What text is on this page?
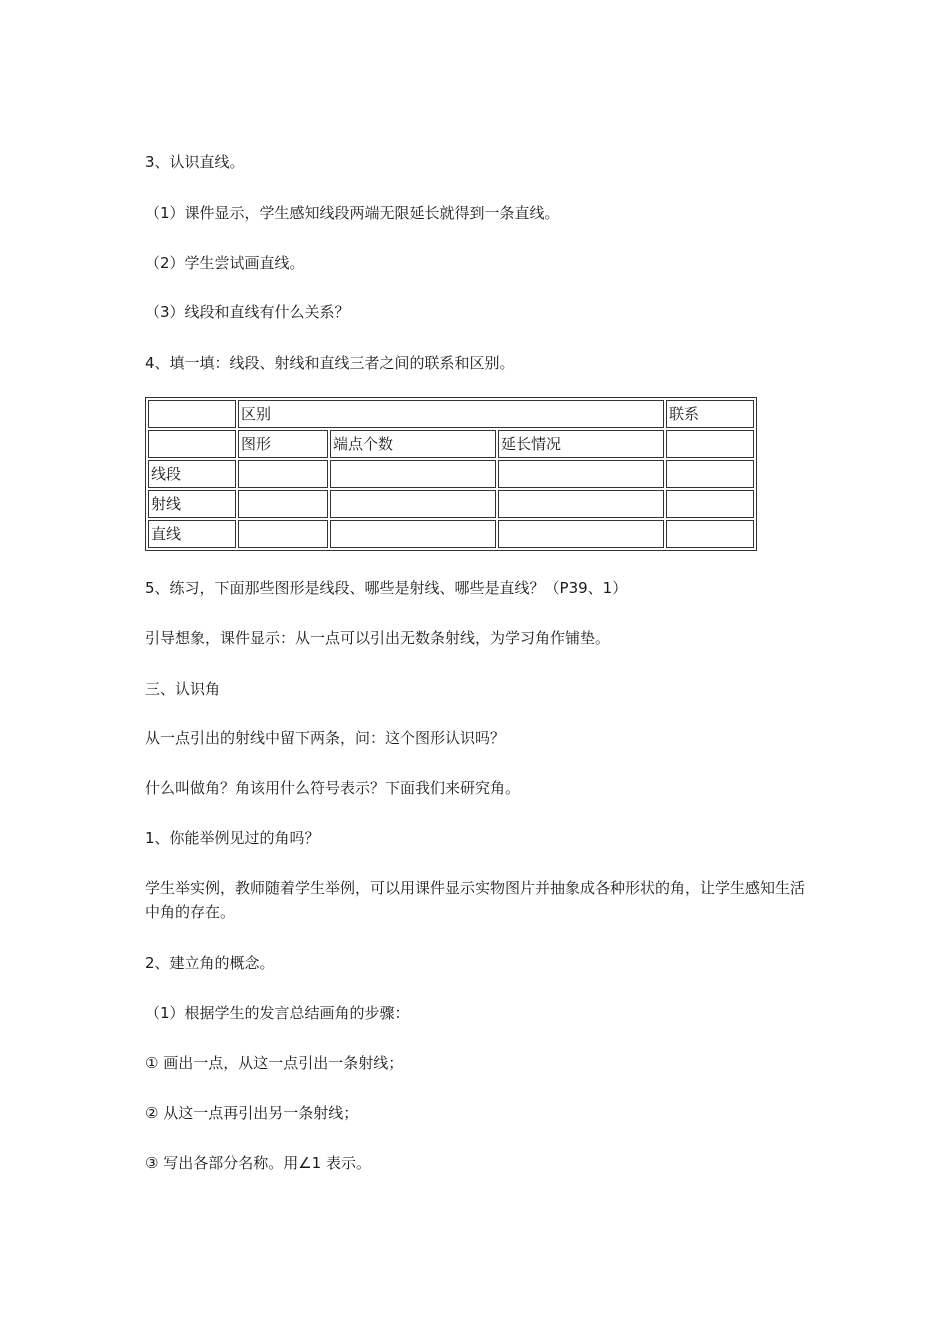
3、认识直线。

（1）课件显示，学生感知线段两端无限延长就得到一条直线。

（2）学生尝试画直线。

（3）线段和直线有什么关系？

4、填一填：线段、射线和直线三者之间的联系和区别。

	区别			联系
	图形	端点个数	延长情况	
线段				
射线				
直线				

5、练习，下面那些图形是线段、哪些是射线、哪些是直线？（P39、1）

引导想象，课件显示：从一点可以引出无数条射线，为学习角作铺垫。

三、认识角

从一点引出的射线中留下两条，问：这个图形认识吗？

什么叫做角？角该用什么符号表示？下面我们来研究角。

1、你能举例见过的角吗？

学生举实例，教师随着学生举例，可以用课件显示实物图片并抽象成各种形状的角，让学生感知生活中角的存在。

2、建立角的概念。

（1）根据学生的发言总结画角的步骤：

① 画出一点，从这一点引出一条射线；

② 从这一点再引出另一条射线；

③ 写出各部分名称。用∠1 表示。
